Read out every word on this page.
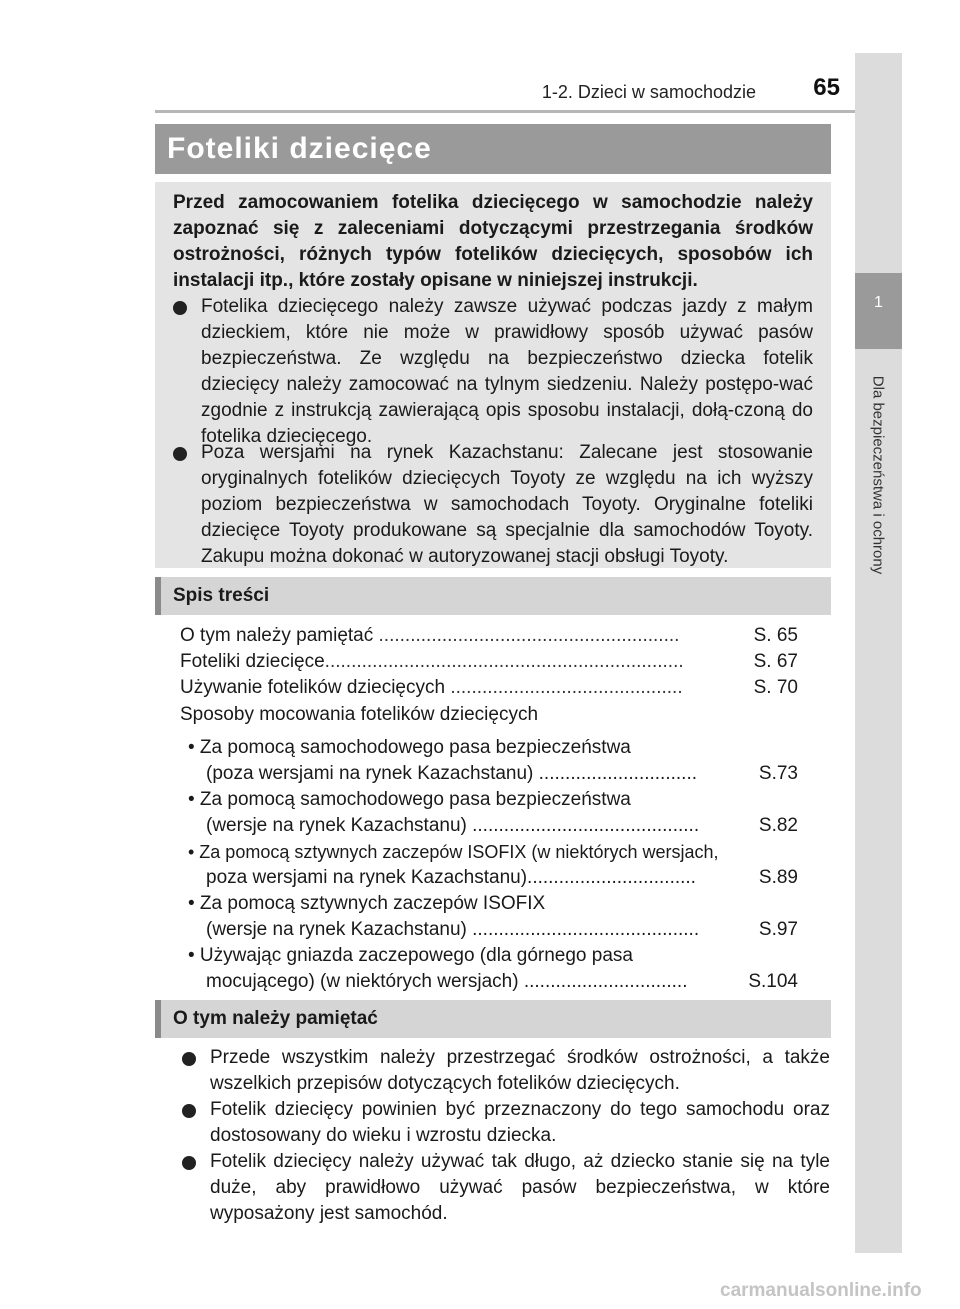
1-2. Dzieci w samochodzie	65
1
Dla bezpieczeństwa i ochrony
Foteliki dziecięce
Przed zamocowaniem fotelika dziecięcego w samochodzie należy zapoznać się z zaleceniami dotyczącymi przestrzegania środków ostrożności, różnych typów fotelików dziecięcych, sposobów ich instalacji itp., które zostały opisane w niniejszej instrukcji.
Fotelika dziecięcego należy zawsze używać podczas jazdy z małym dzieckiem, które nie może w prawidłowy sposób używać pasów bezpieczeństwa. Ze względu na bezpieczeństwo dziecka fotelik dziecięcy należy zamocować na tylnym siedzeniu. Należy postępo-wać zgodnie z instrukcją zawierającą opis sposobu instalacji, dołą-czoną do fotelika dziecięcego.
Poza wersjami na rynek Kazachstanu: Zalecane jest stosowanie oryginalnych fotelików dziecięcych Toyoty ze względu na ich wyższy poziom bezpieczeństwa w samochodach Toyoty. Oryginalne foteliki dziecięce Toyoty produkowane są specjalnie dla samochodów Toyoty. Zakupu można dokonać w autoryzowanej stacji obsługi Toyoty.
Spis treści
O tym należy pamiętać .........................................................	S. 65
Foteliki dziecięce....................................................................	S. 67
Używanie fotelików dziecięcych ............................................	S. 70
Sposoby mocowania fotelików dziecięcych
• Za pomocą samochodowego pasa bezpieczeństwa
(poza wersjami na rynek Kazachstanu) ..............................	S.73
• Za pomocą samochodowego pasa bezpieczeństwa
(wersje na rynek Kazachstanu) ...........................................	S.82
• Za pomocą sztywnych zaczepów ISOFIX (w niektórych wersjach,
poza wersjami na rynek Kazachstanu)................................	S.89
• Za pomocą sztywnych zaczepów ISOFIX
(wersje na rynek Kazachstanu) ...........................................	S.97
• Używając gniazda zaczepowego (dla górnego pasa
mocującego) (w niektórych wersjach) ...............................	S.104
O tym należy pamiętać
Przede wszystkim należy przestrzegać środków ostrożności, a także wszelkich przepisów dotyczących fotelików dziecięcych.
Fotelik dziecięcy powinien być przeznaczony do tego samochodu oraz dostosowany do wieku i wzrostu dziecka.
Fotelik dziecięcy należy używać tak długo, aż dziecko stanie się na tyle duże, aby prawidłowo używać pasów bezpieczeństwa, w które wyposażony jest samochód.
carmanualsonline.info
